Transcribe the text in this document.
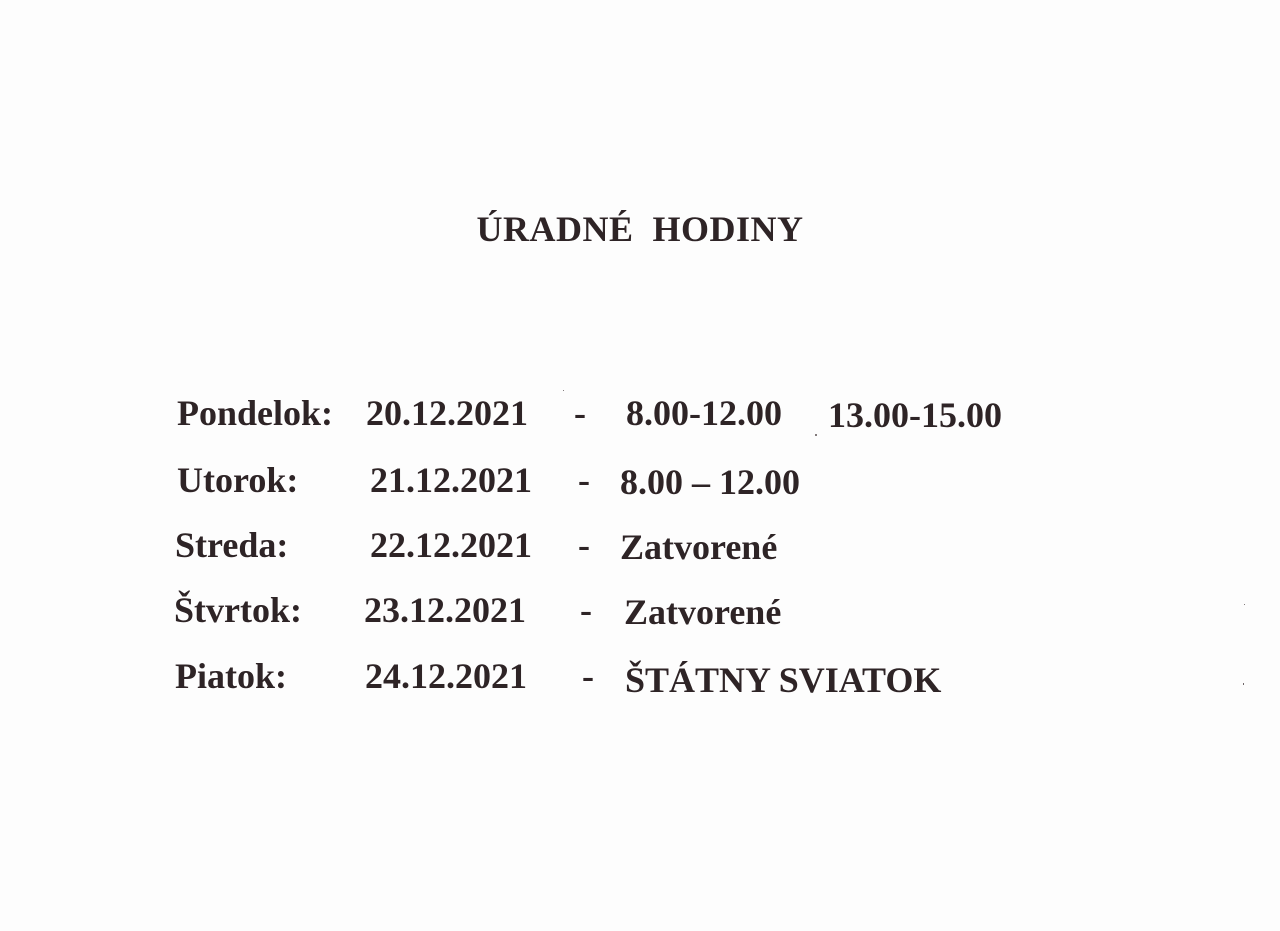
ÚRADNÉ  HODINY
Pondelok: 20.12.2021 - 8.00-12.00 13.00-15.00
Utorok: 21.12.2021 - 8.00 – 12.00
Streda: 22.12.2021 - Zatvorené
Štvrtok: 23.12.2021 - Zatvorené
Piatok: 24.12.2021 - ŠTÁTNY SVIATOK
